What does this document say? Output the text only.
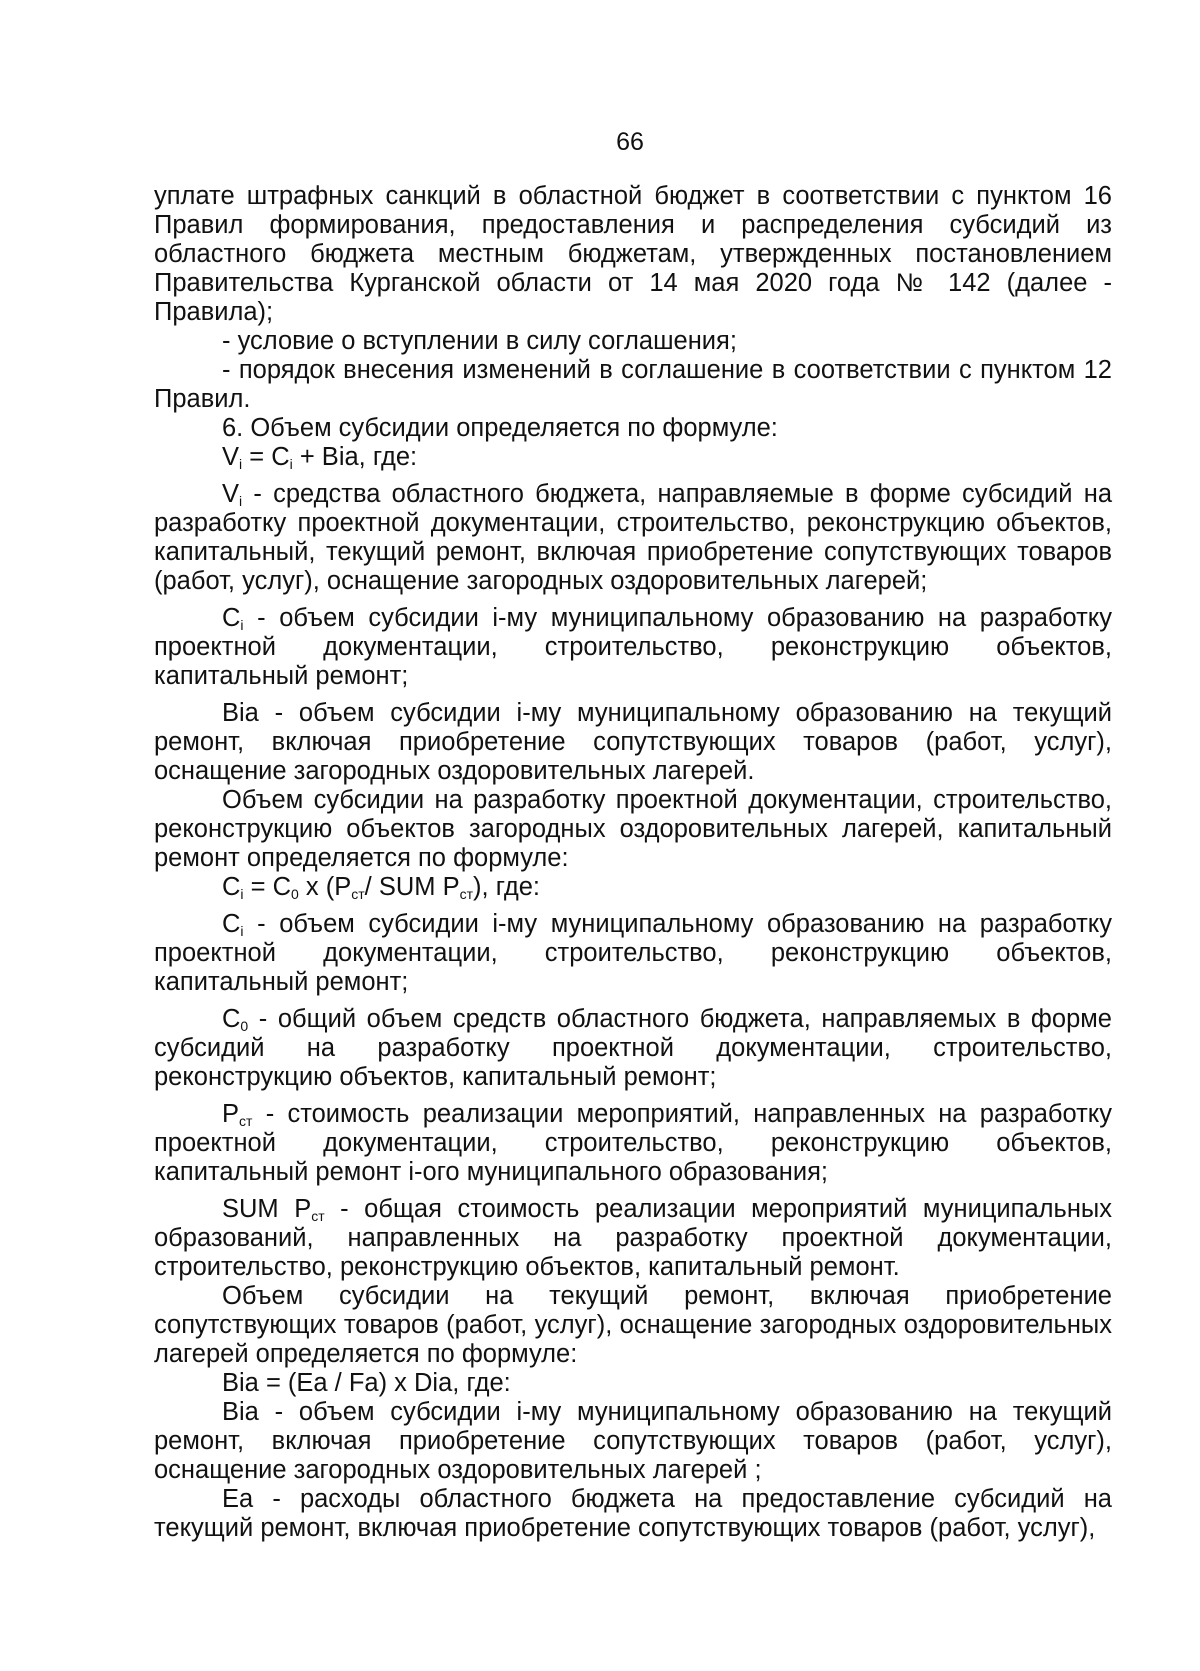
66

уплате штрафных санкций в областной бюджет в соответствии с пунктом 16 Правил формирования, предоставления и распределения субсидий из областного бюджета местным бюджетам, утвержденных постановлением Правительства Курганской области от 14 мая 2020 года № 142 (далее - Правила);

- условие о вступлении в силу соглашения;

- порядок внесения изменений в соглашение в соответствии с пунктом 12 Правил.

6. Объем субсидии определяется по формуле:

$V_i = C_i$ + Bia, где:

$V_i$ - средства областного бюджета, направляемые в форме субсидий на разработку проектной документации, строительство, реконструкцию объектов, капитальный, текущий ремонт, включая приобретение сопутствующих товаров (работ, услуг), оснащение загородных оздоровительных лагерей;

$C_i$ - объем субсидии i-му муниципальному образованию на разработку проектной документации, строительство, реконструкцию объектов, капитальный ремонт;

Bia - объем субсидии i-му муниципальному образованию на текущий ремонт, включая приобретение сопутствующих товаров (работ, услуг), оснащение загородных оздоровительных лагерей.

Объем субсидии на разработку проектной документации, строительство, реконструкцию объектов загородных оздоровительных лагерей, капитальный ремонт определяется по формуле:

$C_i = C_0$ x ($P_{ст}/$ SUM $P_{ст}$), где:

$C_i$ - объем субсидии i-му муниципальному образованию на разработку проектной документации, строительство, реконструкцию объектов, капитальный ремонт;

$C_0$ - общий объем средств областного бюджета, направляемых в форме субсидий на разработку проектной документации, строительство, реконструкцию объектов, капитальный ремонт;

$P_{ст}$ - стоимость реализации мероприятий, направленных на разработку проектной документации, строительство, реконструкцию объектов, капитальный ремонт i-ого муниципального образования;

SUM $P_{ст}$ - общая стоимость реализации мероприятий муниципальных образований, направленных на разработку проектной документации, строительство, реконструкцию объектов, капитальный ремонт.

Объем субсидии на текущий ремонт, включая приобретение сопутствующих товаров (работ, услуг), оснащение загородных оздоровительных лагерей определяется по формуле:

Bia = (Ea / Fa) x Dia, где:

Bia - объем субсидии i-му муниципальному образованию на текущий ремонт, включая приобретение сопутствующих товаров (работ, услуг), оснащение загородных оздоровительных лагерей ;

Ea - расходы областного бюджета на предоставление субсидий на текущий ремонт, включая приобретение сопутствующих товаров (работ, услуг),
